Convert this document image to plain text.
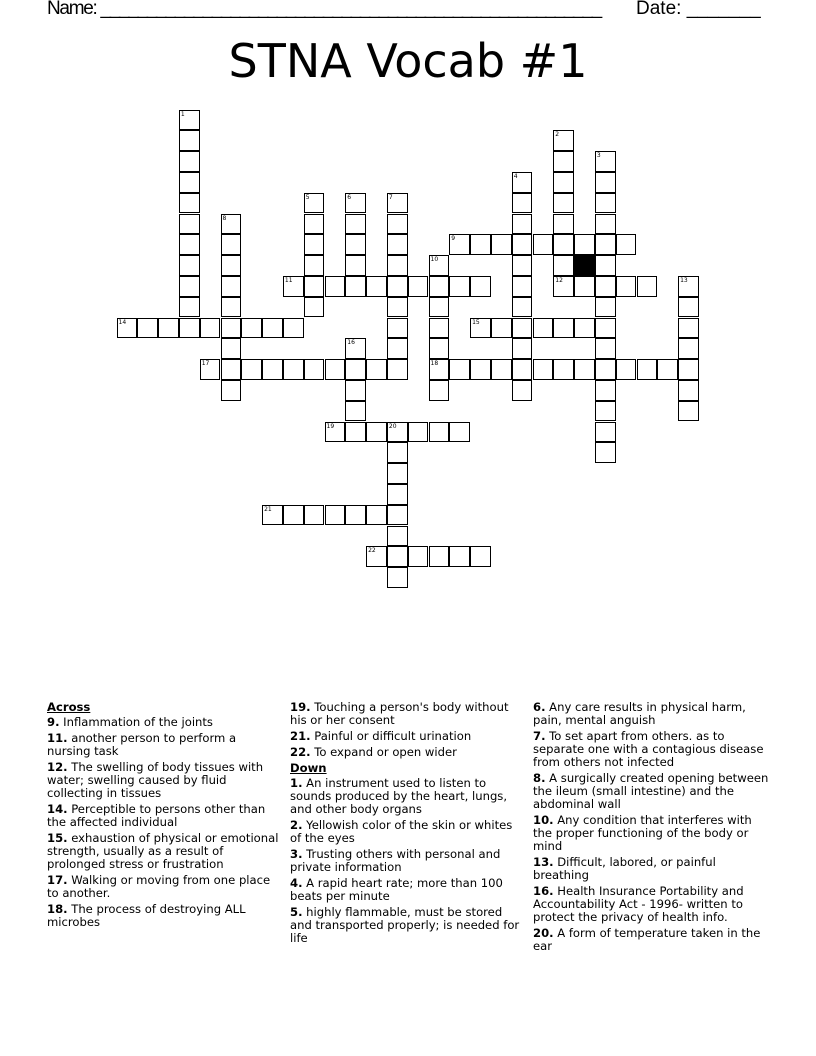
Name: ______________________________________________________ Date: _______
STNA Vocab #1
1
2
12
3
4
5	6	7
8
9
10
18
11	13
14	15
16
17
19	20
21
22
Across
9. Inflammation of the joints
11. another person to perform a nursing task
12. The swelling of body tissues with water; swelling caused by fluid collecting in tissues
14. Perceptible to persons other than the affected individual
15. exhaustion of physical or emotional strength, usually as a result of prolonged stress or frustration
17. Walking or moving from one place to another.
18. The process of destroying ALL microbes
19. Touching a person's body without his or her consent
21. Painful or difficult urination
22. To expand or open wider
Down
1. An instrument used to listen to sounds produced by the heart, lungs, and other body organs
2. Yellowish color of the skin or whites of the eyes
3. Trusting others with personal and private information
4. A rapid heart rate; more than 100 beats per minute
5. highly flammable, must be stored and transported properly; is needed for life
6. Any care results in physical harm, pain, mental anguish
7. To set apart from others. as to separate one with a contagious disease from others not infected
8. A surgically created opening between the ileum (small intestine) and the abdominal wall
10. Any condition that interferes with the proper functioning of the body or mind
13. Difficult, labored, or painful breathing
16. Health Insurance Portability and Accountability Act - 1996- written to protect the privacy of health info.
20. A form of temperature taken in the ear
